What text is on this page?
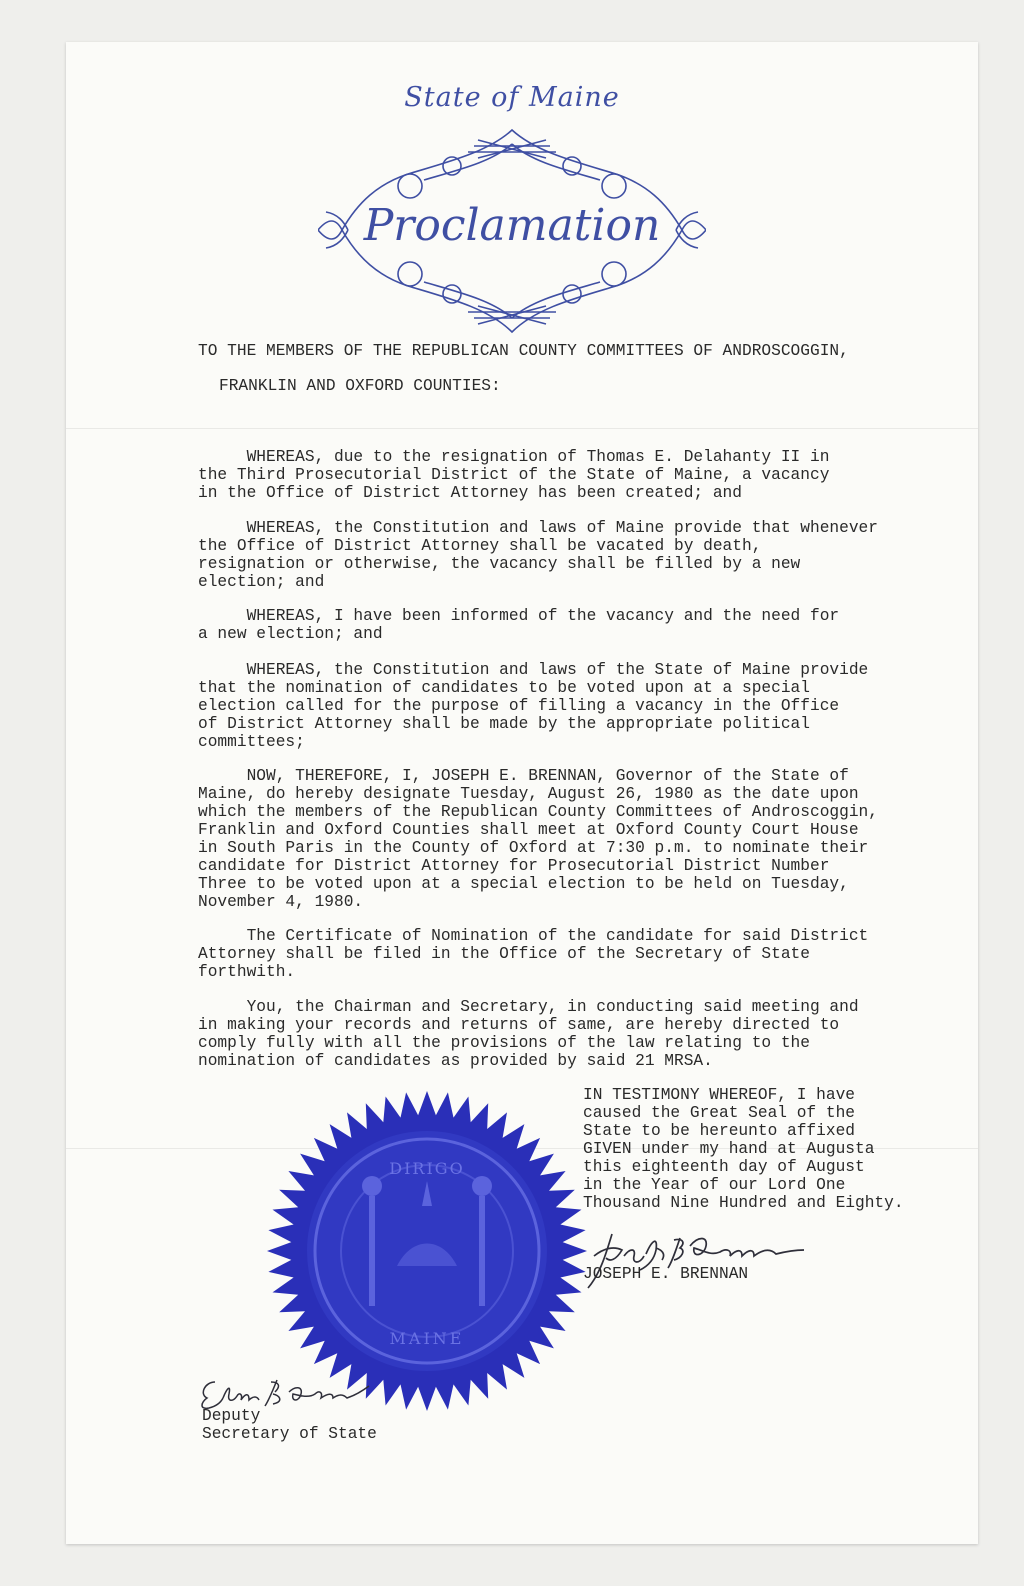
State of Maine
Proclamation
TO THE MEMBERS OF THE REPUBLICAN COUNTY COMMITTEES OF ANDROSCOGGIN,
FRANKLIN AND OXFORD COUNTIES:
WHEREAS, due to the resignation of Thomas E. Delahanty II in
the Third Prosecutorial District of the State of Maine, a vacancy
in the Office of District Attorney has been created; and
WHEREAS, the Constitution and laws of Maine provide that whenever
the Office of District Attorney shall be vacated by death,
resignation or otherwise, the vacancy shall be filled by a new
election; and
WHEREAS, I have been informed of the vacancy and the need for
a new election; and
WHEREAS, the Constitution and laws of the State of Maine provide
that the nomination of candidates to be voted upon at a special
election called for the purpose of filling a vacancy in the Office
of District Attorney shall be made by the appropriate political
committees;
NOW, THEREFORE, I, JOSEPH E. BRENNAN, Governor of the State of
Maine, do hereby designate Tuesday, August 26, 1980 as the date upon
which the members of the Republican County Committees of Androscoggin,
Franklin and Oxford Counties shall meet at Oxford County Court House
in South Paris in the County of Oxford at 7:30 p.m. to nominate their
candidate for District Attorney for Prosecutorial District Number
Three to be voted upon at a special election to be held on Tuesday,
November 4, 1980.
The Certificate of Nomination of the candidate for said District
Attorney shall be filed in the Office of the Secretary of State
forthwith.
You, the Chairman and Secretary, in conducting said meeting and
in making your records and returns of same, are hereby directed to
comply fully with all the provisions of the law relating to the
nomination of candidates as provided by said 21 MRSA.
IN TESTIMONY WHEREOF, I have
caused the Great Seal of the
State to be hereunto affixed
GIVEN under my hand at Augusta
this eighteenth day of August
in the Year of our Lord One
Thousand Nine Hundred and Eighty.
DIRIGO
MAINE
JOSEPH E. BRENNAN
Deputy
Secretary of State
